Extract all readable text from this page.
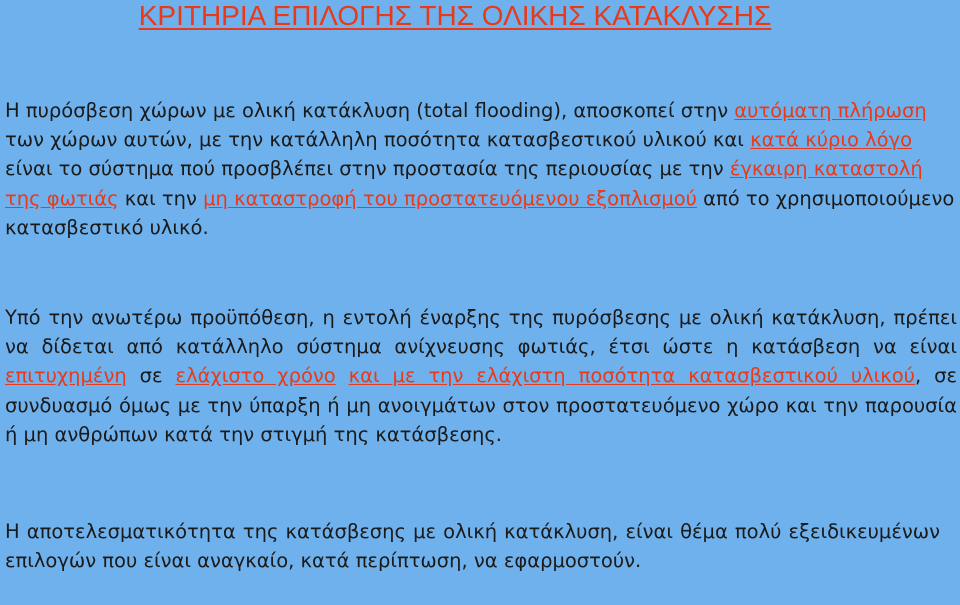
ΚΡΙΤΗΡΙΑ ΕΠΙΛΟΓΗΣ ΤΗΣ ΟΛΙΚΗΣ ΚΑΤΑΚΛΥΣΗΣ
Η πυρόσβεση χώρων με ολική κατάκλυση (total flooding), αποσκοπεί στην αυτόματη πλήρωση των χώρων αυτών, με την κατάλληλη ποσότητα κατασβεστικού υλικού και κατά κύριο λόγο είναι το σύστημα πού προσβλέπει στην προστασία της περιουσίας με την έγκαιρη καταστολή της φωτιάς και την μη καταστροφή του προστατευόμενου εξοπλισμού από το χρησιμοποιούμενο κατασβεστικό υλικό.
Υπό την ανωτέρω προϋπόθεση, η εντολή έναρξης της πυρόσβεσης με ολική κατάκλυση, πρέπει να δίδεται από κατάλληλο σύστημα ανίχνευσης φωτιάς, έτσι ώστε η κατάσβεση να είναι επιτυχημένη σε ελάχιστο χρόνο και με την ελάχιστη ποσότητα κατασβεστικού υλικού, σε συνδυασμό όμως με την ύπαρξη ή μη ανοιγμάτων στον προστατευόμενο χώρο και την παρουσία ή μη ανθρώπων κατά την στιγμή της κατάσβεσης.
Η αποτελεσματικότητα της κατάσβεσης με ολική κατάκλυση, είναι θέμα πολύ εξειδικευμένων επιλογών που είναι αναγκαίο, κατά περίπτωση, να εφαρμοστούν.
